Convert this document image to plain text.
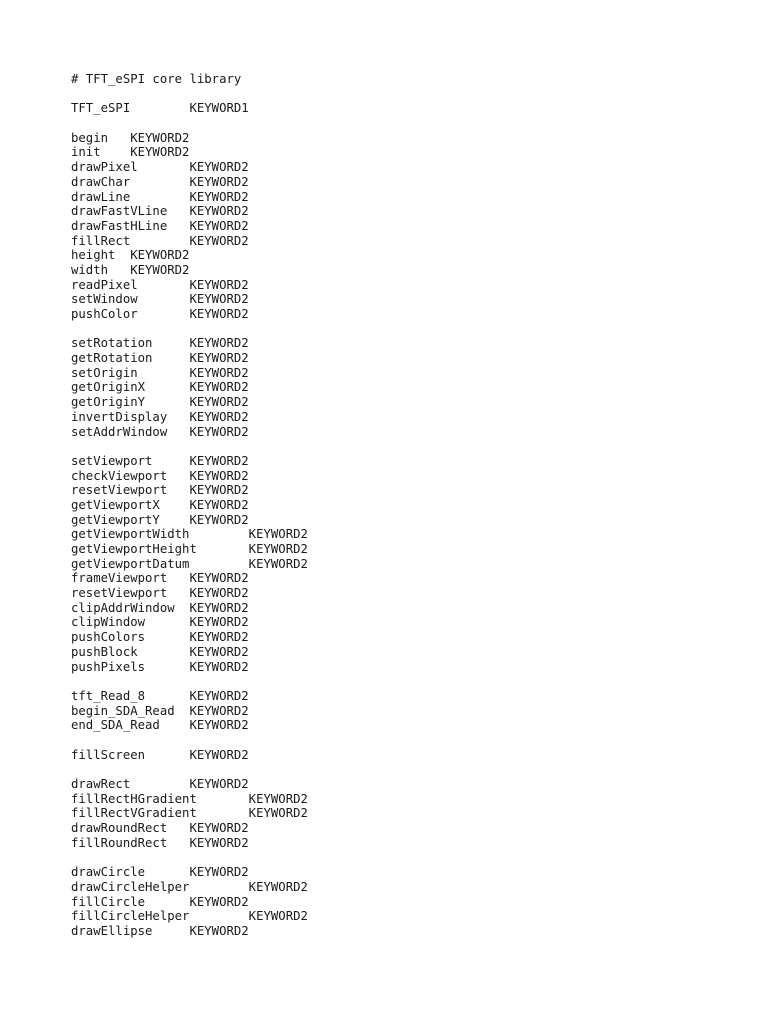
# TFT_eSPI core library
TFT_eSPI        KEYWORD1
begin   KEYWORD2
init    KEYWORD2
drawPixel       KEYWORD2
drawChar        KEYWORD2
drawLine        KEYWORD2
drawFastVLine   KEYWORD2
drawFastHLine   KEYWORD2
fillRect        KEYWORD2
height  KEYWORD2
width   KEYWORD2
readPixel       KEYWORD2
setWindow       KEYWORD2
pushColor       KEYWORD2
setRotation     KEYWORD2
getRotation     KEYWORD2
setOrigin       KEYWORD2
getOriginX      KEYWORD2
getOriginY      KEYWORD2
invertDisplay   KEYWORD2
setAddrWindow   KEYWORD2
setViewport     KEYWORD2
checkViewport   KEYWORD2
resetViewport   KEYWORD2
getViewportX    KEYWORD2
getViewportY    KEYWORD2
getViewportWidth        KEYWORD2
getViewportHeight       KEYWORD2
getViewportDatum        KEYWORD2
frameViewport   KEYWORD2
resetViewport   KEYWORD2
clipAddrWindow  KEYWORD2
clipWindow      KEYWORD2
pushColors      KEYWORD2
pushBlock       KEYWORD2
pushPixels      KEYWORD2
tft_Read_8      KEYWORD2
begin_SDA_Read  KEYWORD2
end_SDA_Read    KEYWORD2
fillScreen      KEYWORD2
drawRect        KEYWORD2
fillRectHGradient       KEYWORD2
fillRectVGradient       KEYWORD2
drawRoundRect   KEYWORD2
fillRoundRect   KEYWORD2
drawCircle      KEYWORD2
drawCircleHelper        KEYWORD2
fillCircle      KEYWORD2
fillCircleHelper        KEYWORD2
drawEllipse     KEYWORD2
